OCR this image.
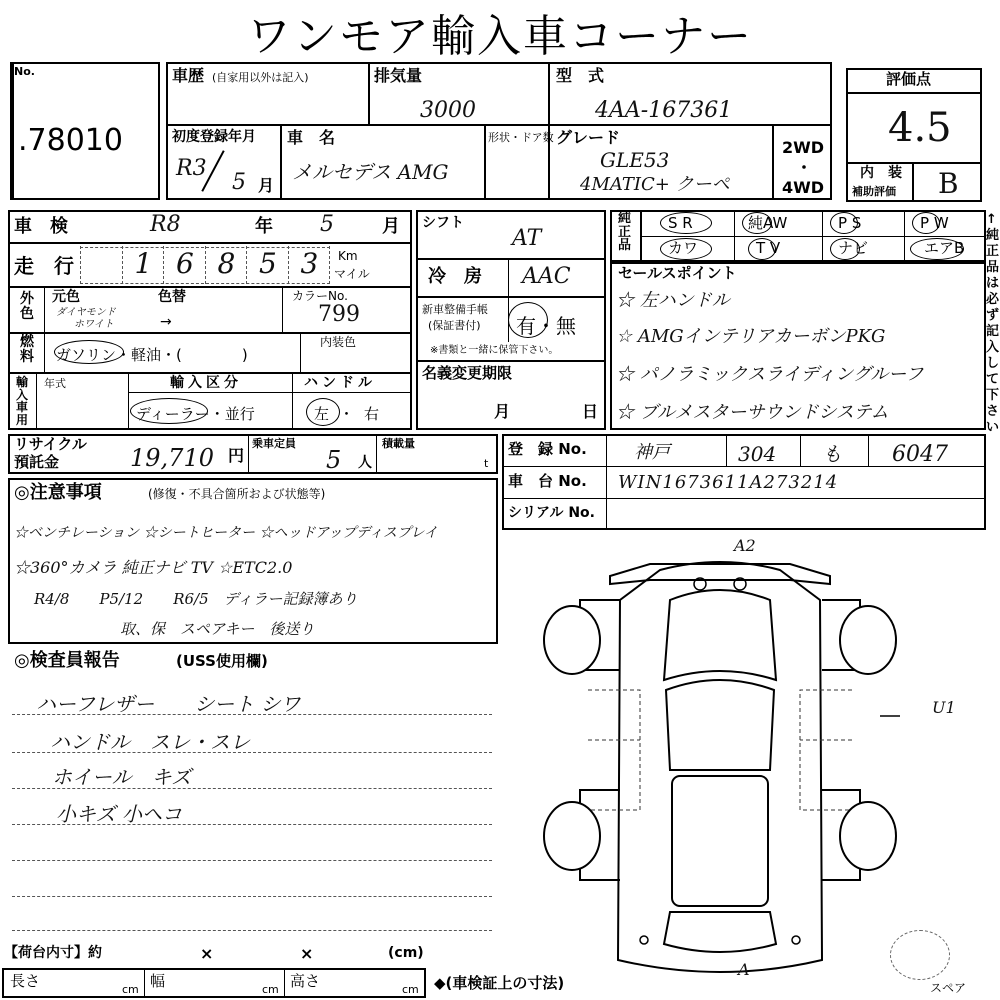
ワンモア輸入車コーナー
No.
.78010
車歴 (自家用以外は記入)	排気量
3000
型　式
4AA-167361
初度登録年月
R3
5 月
車　名
メルセデス AMG
形状・ドア数 グレード
GLE53
4MATIC+ クーペ
2WD
・
4WD
評価点
4.5
内　装
補助評価 B
車　検	R8	年 5	月
走　行 1 6 8 5 3 Km
マイル
外色
元色	色替
ダイヤモンド
ホワイト	→
カラーNo.
799
燃料 ガソリン・軽油・(　　　　)
内装色
輸入車用
年式	輸入区分
ディーラー・並行
ハンドル
左・右
シフト
AT
冷　房 AAC
新車整備手帳
(保証書付) 有・無
※書類と一緒に保管下さい。
名義変更期限
月	日
純正品
S R	純AW	P S	P W
カワ	T V	ナビ	エアB
セールスポイント
☆ 左ハンドル
☆ AMGインテリアカーボンPKG
☆ パノラミックスライディングルーフ
☆ ブルメスターサウンドシステム
リサイクル
預託金	19,710 円
乗車定員
5 人
積載量
t
登　録 No.	神戸	304 も 6047
車　台 No. WIN1673611A273214
シリアル No.
◎注意事項	(修復・不具合箇所および状態等)
☆ベンチレーション ☆シートヒーター ☆ヘッドアップディスプレイ
☆360°カメラ 純正ナビ TV ☆ETC2.0
R4/8　　P5/12　　R6/5　ディラー記録簿あり
取、保　スペアキー　後送り
◎検査員報告	(USS使用欄)
ハーフレザー　　シート シワ
ハンドル　スレ・スレ
ホイール　キズ
小キズ 小ヘコ
【荷台内寸】約	×	×	(cm)
長さ	cm 幅	cm 高さ	cm ◆(車検証上の寸法)
A2
U1
A
スペア
↑純正品は必ず記入して下さい
